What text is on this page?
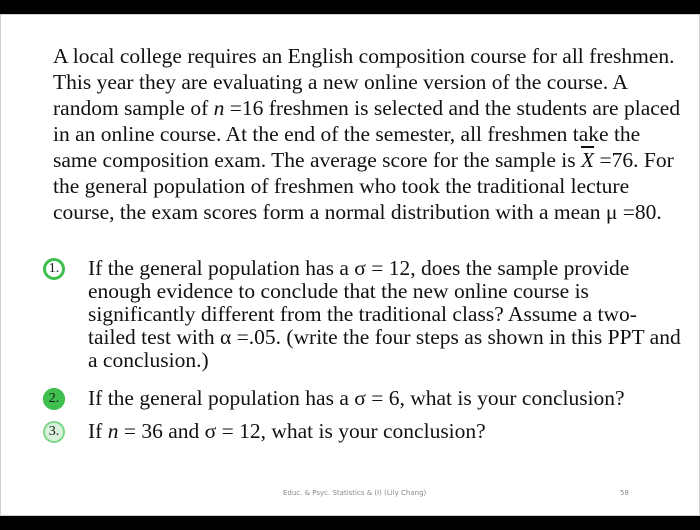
A local college requires an English composition course for all freshmen. This year they are evaluating a new online version of the course. A random sample of n =16 freshmen is selected and the students are placed in an online course. At the end of the semester, all freshmen take the same composition exam. The average score for the sample is $\overline{X} =76$. For the general population of freshmen who took the traditional lecture course, the exam scores form a normal distribution with a mean μ =80.

1. If the general population has a σ = 12, does the sample provide enough evidence to conclude that the new online course is significantly different from the traditional class? Assume a two-tailed test with α =.05. (write the four steps as shown in this PPT and a conclusion.)
2. If the general population has a σ = 6, what is your conclusion?
3. If n = 36 and σ = 12, what is your conclusion?
Educ. & Psyc. Statistics & (I) (Lily Chang)	58
